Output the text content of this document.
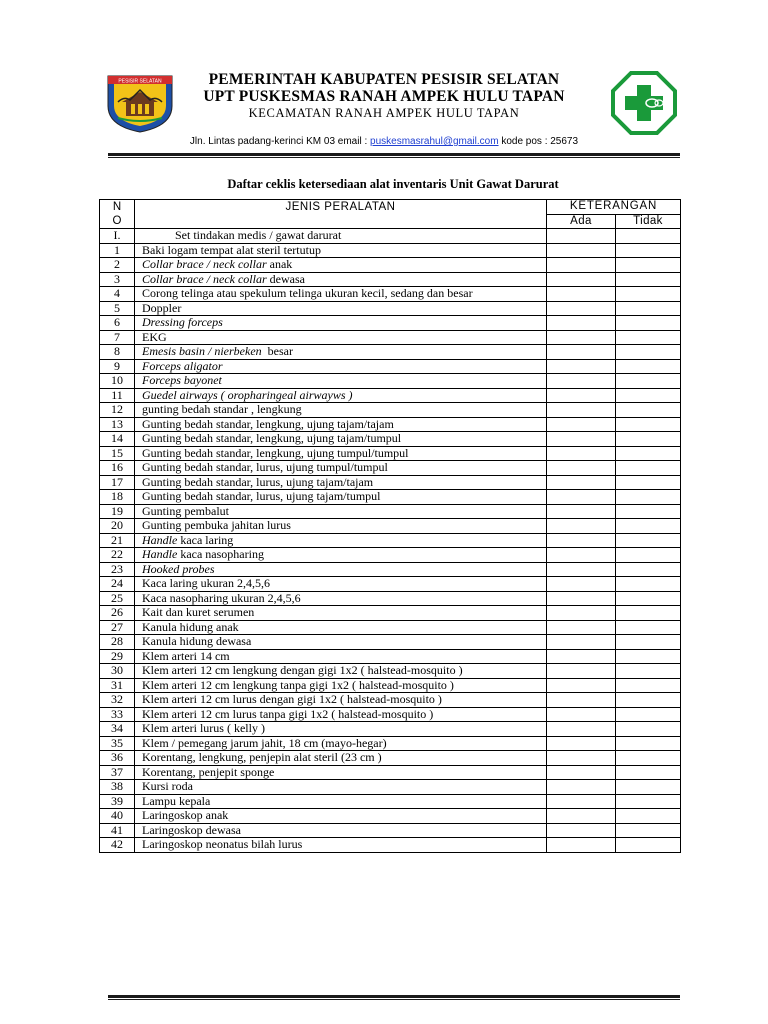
PESISIR SELATAN	PEMERINTAH KABUPATEN PESISIR SELATAN
UPT PUSKESMAS RANAH AMPEK HULU TAPAN
KECAMATAN RANAH AMPEK HULU TAPAN
Jln. Lintas padang-kerinci KM 03 email : puskesmasrahul@gmail.com kode pos : 25673
Daftar ceklis ketersediaan alat inventaris Unit Gawat Darurat
N
O	JENIS PERALATAN	KETERANGAN	
		Ada	Tidak
I.	Set tindakan medis / gawat darurat		
1	Baki logam tempat alat steril tertutup		
2	Collar brace / neck collar anak		
3	Collar brace / neck collar dewasa		
4	Corong telinga atau spekulum telinga ukuran kecil, sedang dan besar		
5	Doppler		
6	Dressing forceps		
7	EKG		
8	Emesis basin / nierbeken  besar		
9	Forceps aligator		
10	Forceps bayonet		
11	Guedel airways ( oropharingeal airwayws )		
12	gunting bedah standar , lengkung		
13	Gunting bedah standar, lengkung, ujung tajam/tajam		
14	Gunting bedah standar, lengkung, ujung tajam/tumpul		
15	Gunting bedah standar, lengkung, ujung tumpul/tumpul		
16	Gunting bedah standar, lurus, ujung tumpul/tumpul		
17	Gunting bedah standar, lurus, ujung tajam/tajam		
18	Gunting bedah standar, lurus, ujung tajam/tumpul		
19	Gunting pembalut		
20	Gunting pembuka jahitan lurus		
21	Handle kaca laring		
22	Handle kaca nasopharing		
23	Hooked probes		
24	Kaca laring ukuran 2,4,5,6		
25	Kaca nasopharing ukuran 2,4,5,6		
26	Kait dan kuret serumen		
27	Kanula hidung anak		
28	Kanula hidung dewasa		
29	Klem arteri 14 cm		
30	Klem arteri 12 cm lengkung dengan gigi 1x2 ( halstead-mosquito )		
31	Klem arteri 12 cm lengkung tanpa gigi 1x2 ( halstead-mosquito )		
32	Klem arteri 12 cm lurus dengan gigi 1x2 ( halstead-mosquito )		
33	Klem arteri 12 cm lurus tanpa gigi 1x2 ( halstead-mosquito )		
34	Klem arteri lurus ( kelly )		
35	Klem / pemegang jarum jahit, 18 cm (mayo-hegar)		
36	Korentang, lengkung, penjepin alat steril (23 cm )		
37	Korentang, penjepit sponge		
38	Kursi roda		
39	Lampu kepala		
40	Laringoskop anak		
41	Laringoskop dewasa		
42	Laringoskop neonatus bilah lurus		
